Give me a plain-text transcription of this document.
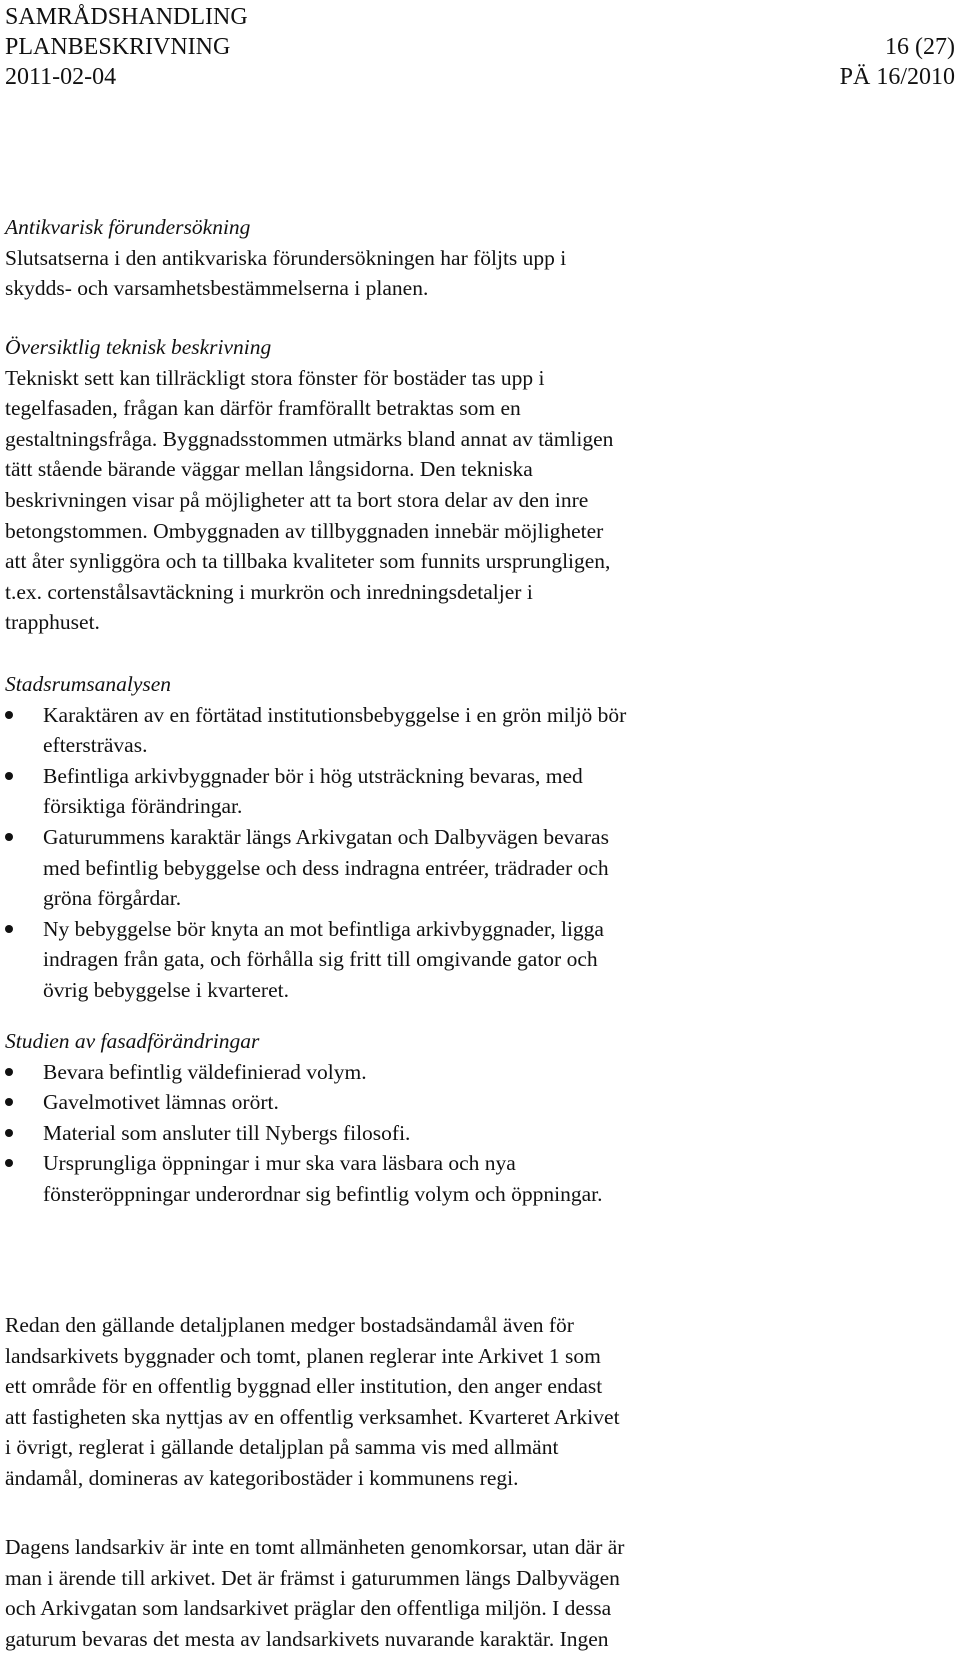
SAMRÅDSHANDLING
PLANBESKRIVNING	16 (27)
2011-02-04	PÄ 16/2010

Antikvarisk förundersökning

Slutsatserna i den antikvariska förundersökningen har följts upp i

skydds- och varsamhetsbestämmelserna i planen.

Översiktlig teknisk beskrivning

Tekniskt sett kan tillräckligt stora fönster för bostäder tas upp i

tegelfasaden, frågan kan därför framförallt betraktas som en

gestaltningsfråga. Byggnadsstommen utmärks bland annat av tämligen

tätt stående bärande väggar mellan långsidorna. Den tekniska

beskrivningen visar på möjligheter att ta bort stora delar av den inre

betongstommen. Ombyggnaden av tillbyggnaden innebär möjligheter

att åter synliggöra och ta tillbaka kvaliteter som funnits ursprungligen,

t.ex. cortenstålsavtäckning i murkrön och inredningsdetaljer i

trapphuset.

Stadsrumsanalysen

Karaktären av en förtätad institutionsbebyggelse i en grön miljö bör

eftersträvas.

Befintliga arkivbyggnader bör i hög utsträckning bevaras, med

försiktiga förändringar.

Gaturummens karaktär längs Arkivgatan och Dalbyvägen bevaras

med befintlig bebyggelse och dess indragna entréer, trädrader och

gröna förgårdar.

Ny bebyggelse bör knyta an mot befintliga arkivbyggnader, ligga

indragen från gata, och förhålla sig fritt till omgivande gator och

övrig bebyggelse i kvarteret.

Studien av fasadförändringar

Bevara befintlig väldefinierad volym.

Gavelmotivet lämnas orört.

Material som ansluter till Nybergs filosofi.

Ursprungliga öppningar i mur ska vara läsbara och nya

fönsteröppningar underordnar sig befintlig volym och öppningar.

Redan den gällande detaljplanen medger bostadsändamål även för

landsarkivets byggnader och tomt, planen reglerar inte Arkivet 1 som

ett område för en offentlig byggnad eller institution, den anger endast

att fastigheten ska nyttjas av en offentlig verksamhet. Kvarteret Arkivet

i övrigt, reglerat i gällande detaljplan på samma vis med allmänt

ändamål, domineras av kategoribostäder i kommunens regi.

Dagens landsarkiv är inte en tomt allmänheten genomkorsar, utan där är

man i ärende till arkivet. Det är främst i gaturummen längs Dalbyvägen

och Arkivgatan som landsarkivet präglar den offentliga miljön. I dessa

gaturum bevaras det mesta av landsarkivets nuvarande karaktär. Ingen
